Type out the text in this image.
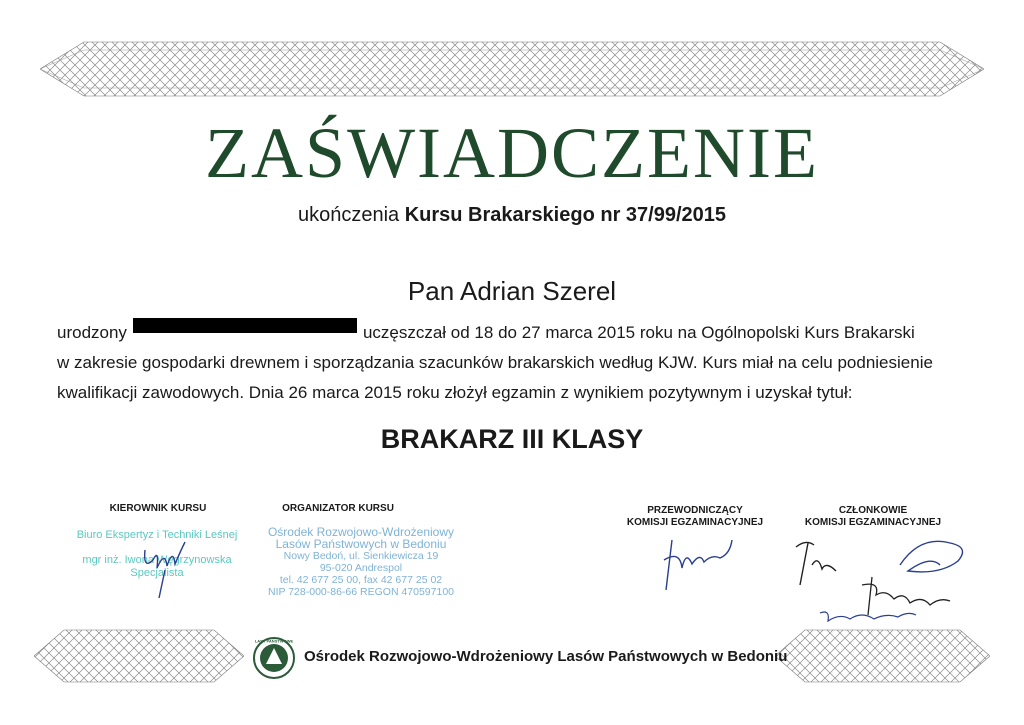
ZAŚWIADCZENIE
ukończenia Kursu Brakarskiego nr 37/99/2015
Pan Adrian Szerel
urodzony	uczęszczał od 18 do 27 marca 2015 roku na Ogólnopolski Kurs Brakarski
w zakresie gospodarki drewnem i sporządzania szacunków brakarskich według KJW. Kurs miał na celu podniesienie
kwalifikacji zawodowych. Dnia 26 marca 2015 roku złożył egzamin z wynikiem pozytywnym i uzyskał tytuł:
BRAKARZ III KLASY
KIEROWNIK KURSU
Biuro Ekspertyz i Techniki Leśnej
mgr inż. Iwona Węgrzynowska
Specjalista
ORGANIZATOR KURSU
Ośrodek Rozwojowo-Wdrożeniowy
Lasów Państwowych w Bedoniu
Nowy Bedoń, ul. Sienkiewicza 19
95-020 Andrespol
tel. 42 677 25 00, fax 42 677 25 02
NIP 728-000-86-66 REGON 470597100
PRZEWODNICZĄCY
KOMISJI EGZAMINACYJNEJ
CZŁONKOWIE
KOMISJI EGZAMINACYJNEJ
LASY PAŃSTWOWE
Ośrodek Rozwojowo-Wdrożeniowy Lasów Państwowych w Bedoniu
